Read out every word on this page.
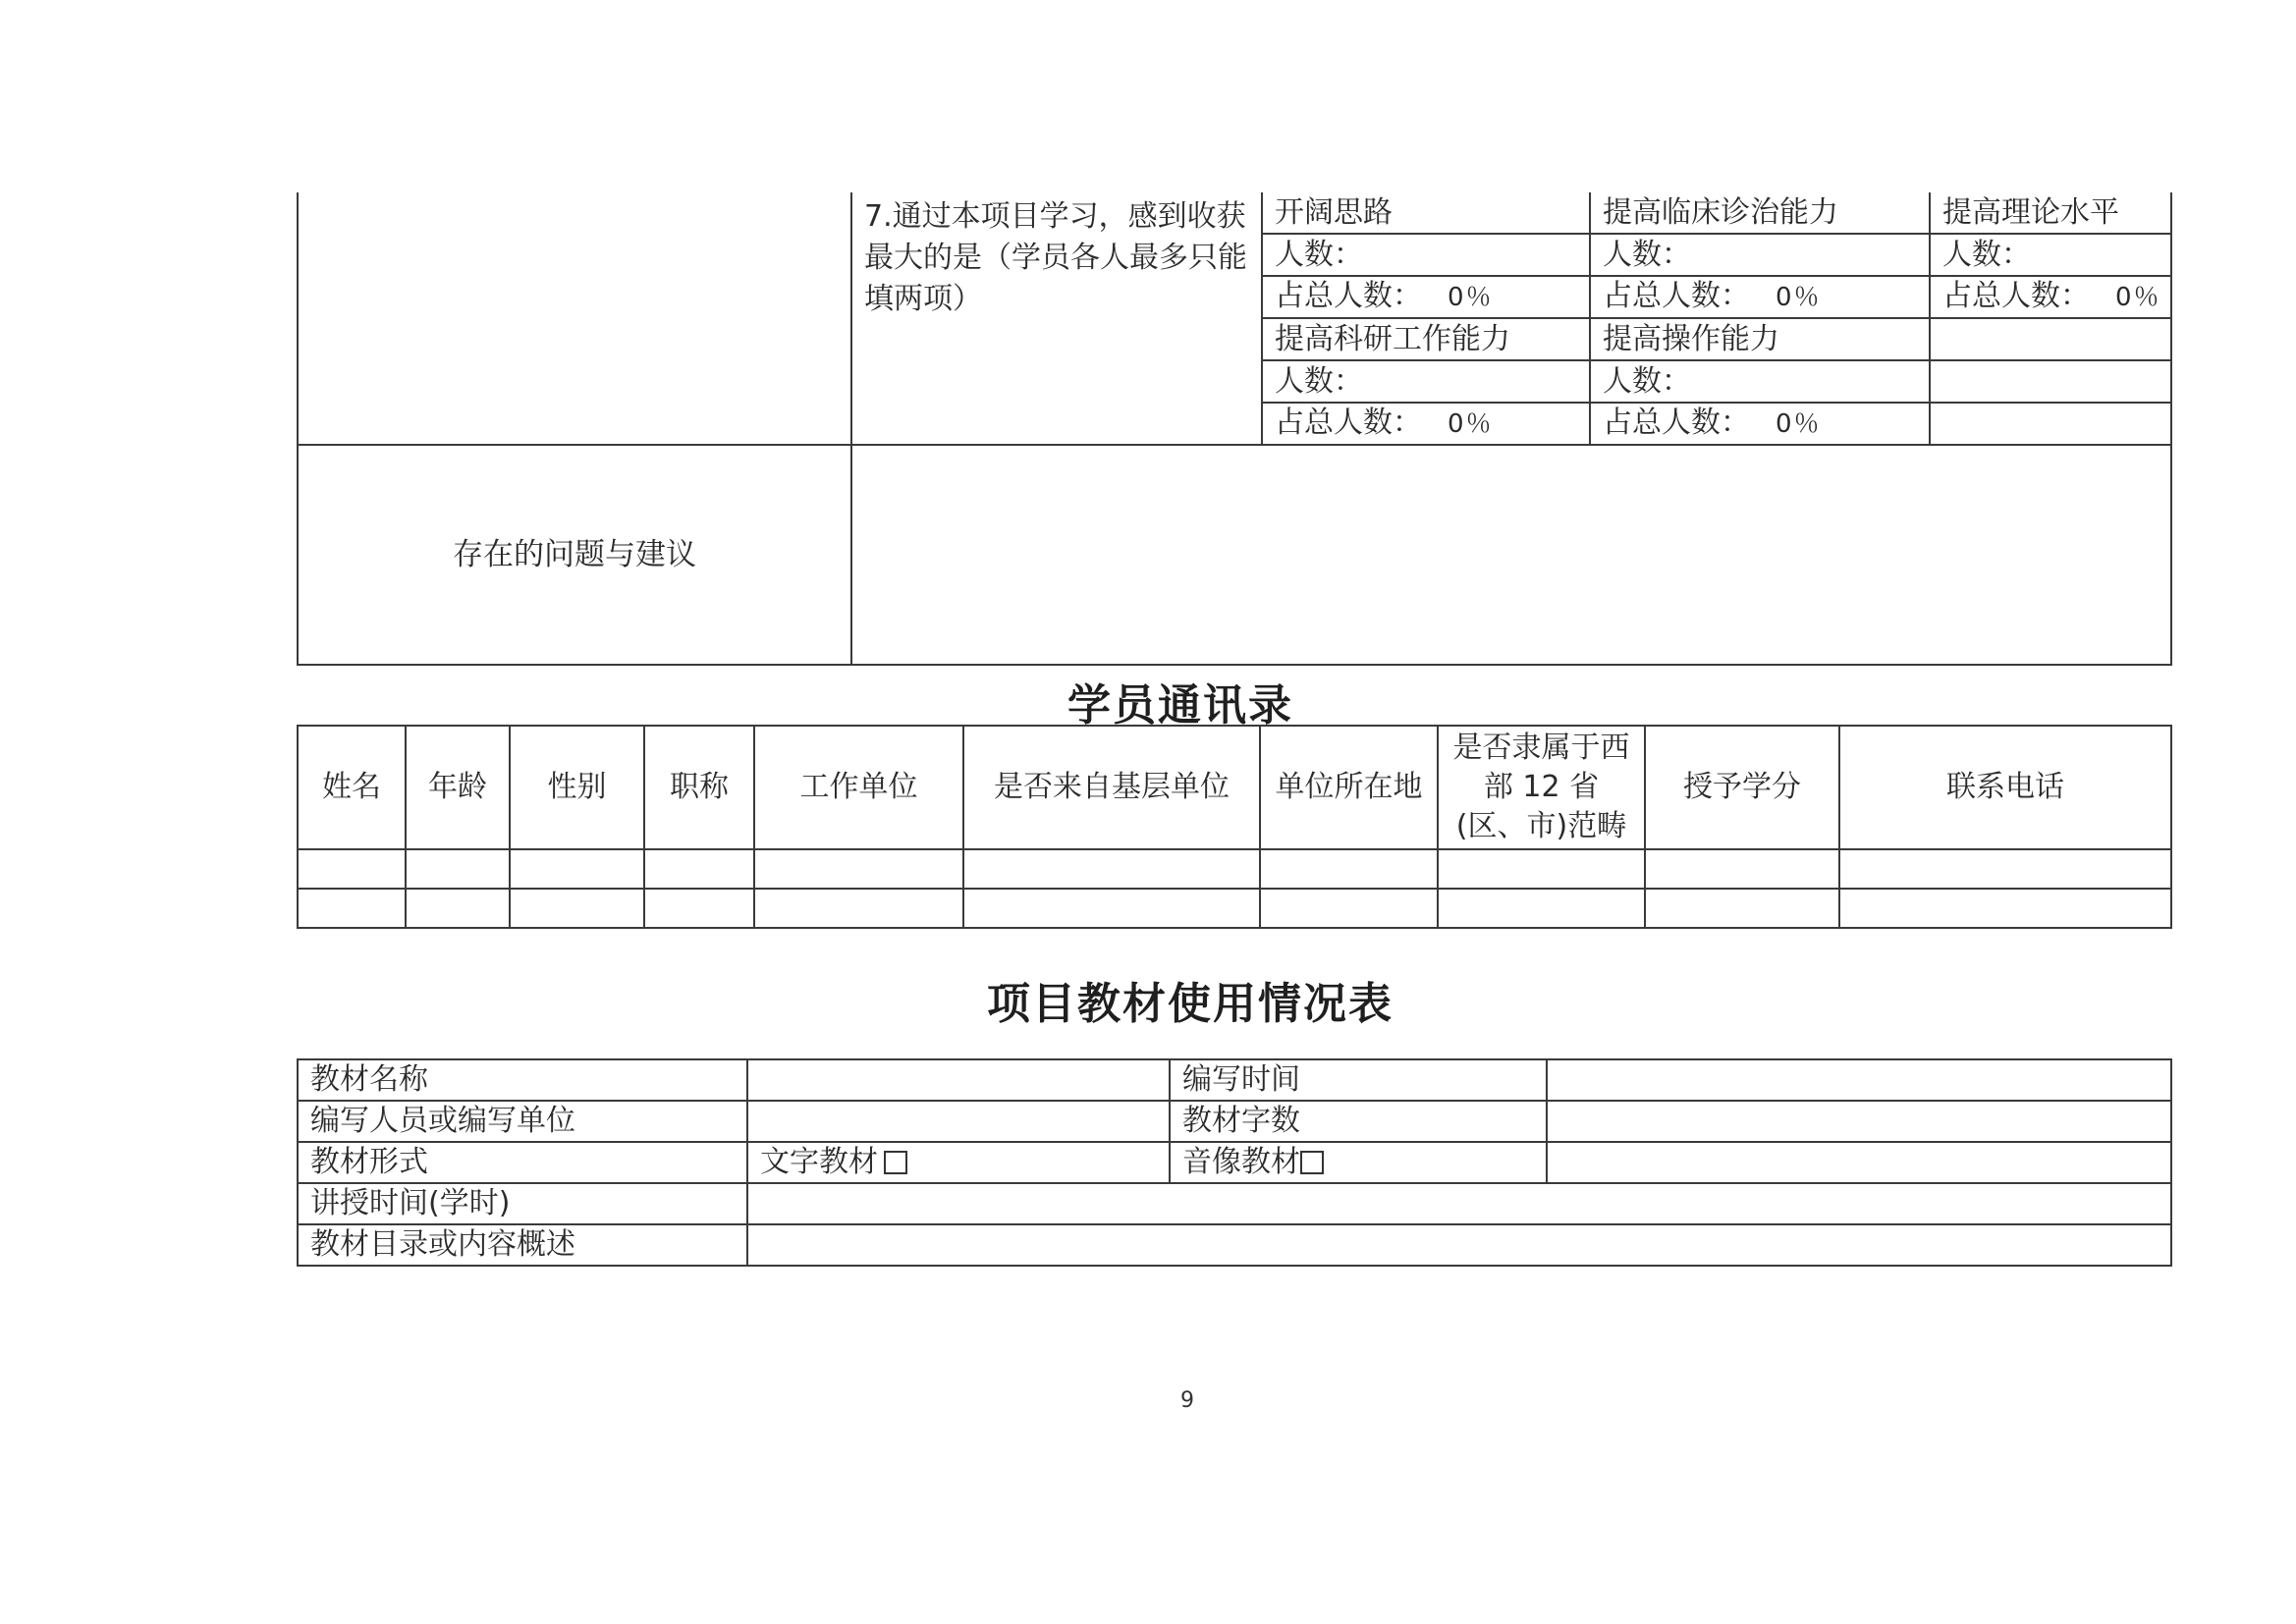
	7.通过本项目学习，感到收获最大的是（学员各人最多只能填两项）	开阔思路	提高临床诊治能力	提高理论水平
		人数：	人数：	人数：
		占总人数： 0％	占总人数： 0％	占总人数： 0％
		提高科研工作能力	提高操作能力	
		人数：	人数：	
		占总人数： 0％	占总人数： 0％	
存在的问题与建议				
学员通讯录
姓名	年龄	性别	职称	工作单位	是否来自基层单位	单位所在地	是否隶属于西部 12 省(区、市)范畴	授予学分	联系电话

项目教材使用情况表
教材名称		编写时间	
编写人员或编写单位		教材字数	
教材形式	文字教材	音像教材	
讲授时间(学时)			
教材目录或内容概述			
9
